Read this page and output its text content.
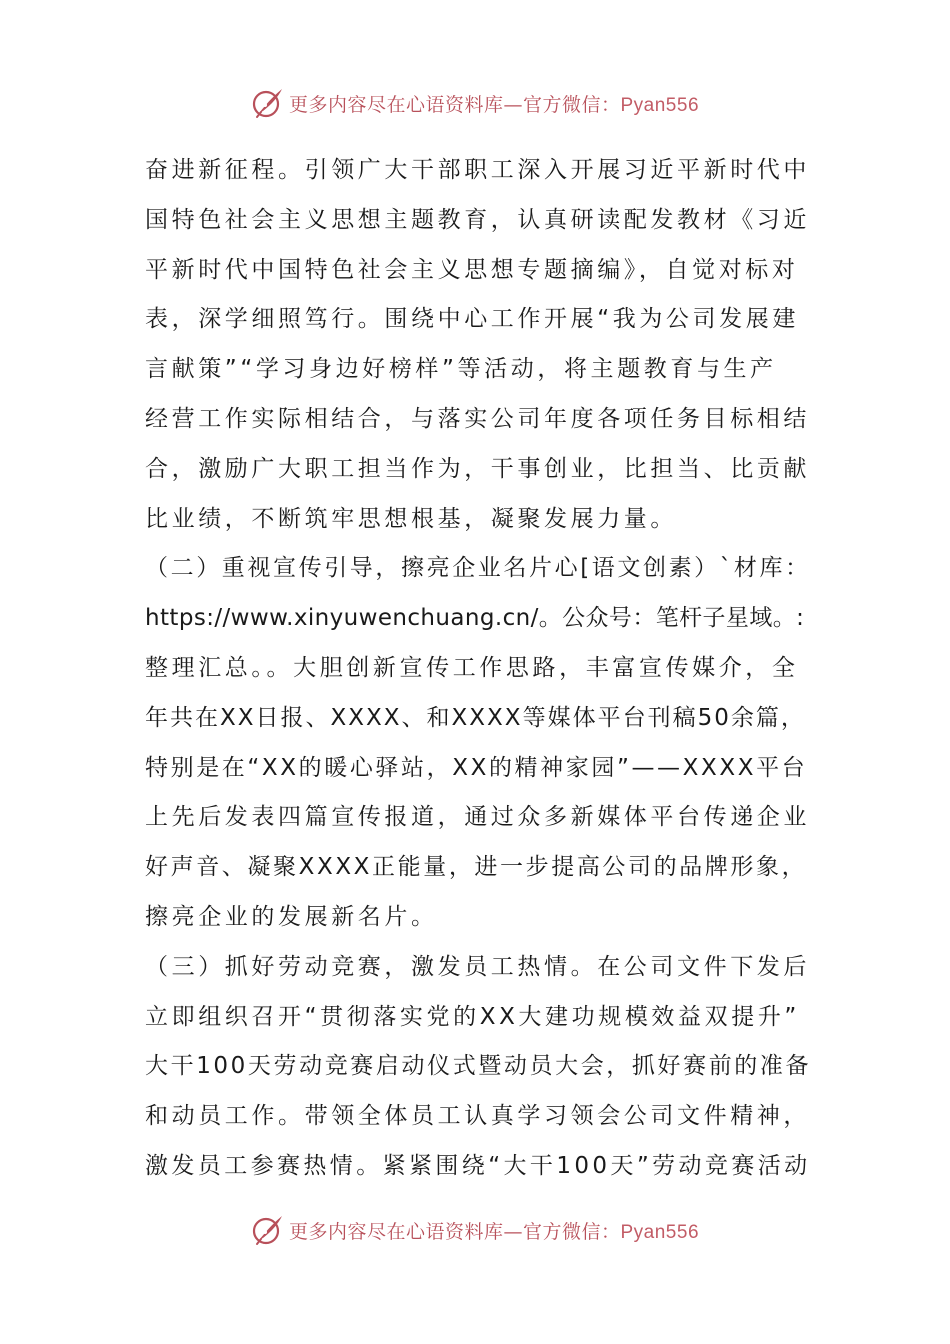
更多内容尽在心语资料库—官方微信：Pyan556
奋进新征程。引领广大干部职工深入开展习近平新时代中
国特色社会主义思想主题教育，认真研读配发教材《习近
平新时代中国特色社会主义思想专题摘编》，自觉对标对
表，深学细照笃行。围绕中心工作开展“我为公司发展建
言献策”“学习身边好榜样”等活动，将主题教育与生产
经营工作实际相结合，与落实公司年度各项任务目标相结
合，激励广大职工担当作为，干事创业，比担当、比贡献
比业绩，不断筑牢思想根基，凝聚发展力量。
（二）重视宣传引导，擦亮企业名片心[语文创素）`材库：
https://www.xinyuwenchuang.cn/。公众号：笔杆子星域。:
整理汇总。。大胆创新宣传工作思路，丰富宣传媒介，全
年共在XX日报、XXXX、和XXXX等媒体平台刊稿50余篇，
特别是在“XX的暖心驿站，XX的精神家园”——XXXX平台
上先后发表四篇宣传报道，通过众多新媒体平台传递企业
好声音、凝聚XXXX正能量，进一步提高公司的品牌形象，
擦亮企业的发展新名片。
（三）抓好劳动竞赛，激发员工热情。在公司文件下发后
立即组织召开“贯彻落实党的XX大建功规模效益双提升”
大干100天劳动竞赛启动仪式暨动员大会，抓好赛前的准备
和动员工作。带领全体员工认真学习领会公司文件精神，
激发员工参赛热情。紧紧围绕“大干100天”劳动竞赛活动
更多内容尽在心语资料库—官方微信：Pyan556
